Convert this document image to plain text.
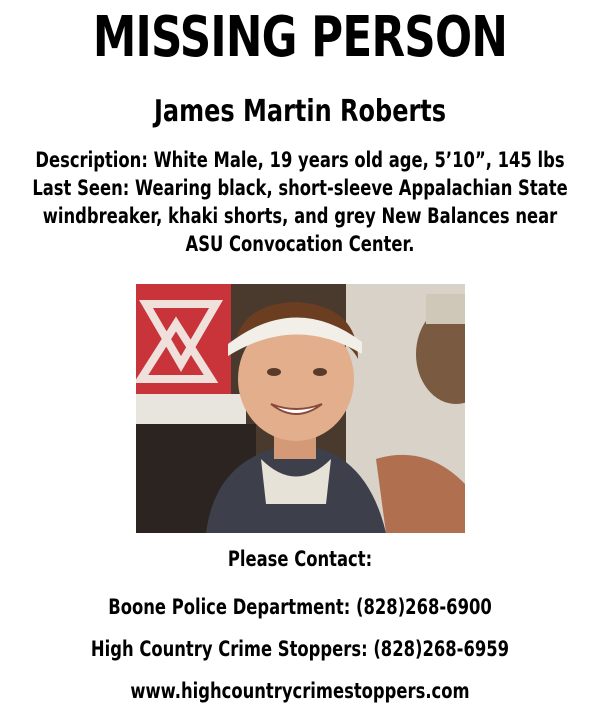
MISSING PERSON
James Martin Roberts
Description: White Male, 19 years old age, 5’10”, 145 lbs
Last Seen: Wearing black, short-sleeve Appalachian State
windbreaker, khaki shorts, and grey New Balances near
ASU Convocation Center.
Please Contact:
Boone Police Department: (828)268-6900
High Country Crime Stoppers: (828)268-6959
www.highcountrycrimestoppers.com
